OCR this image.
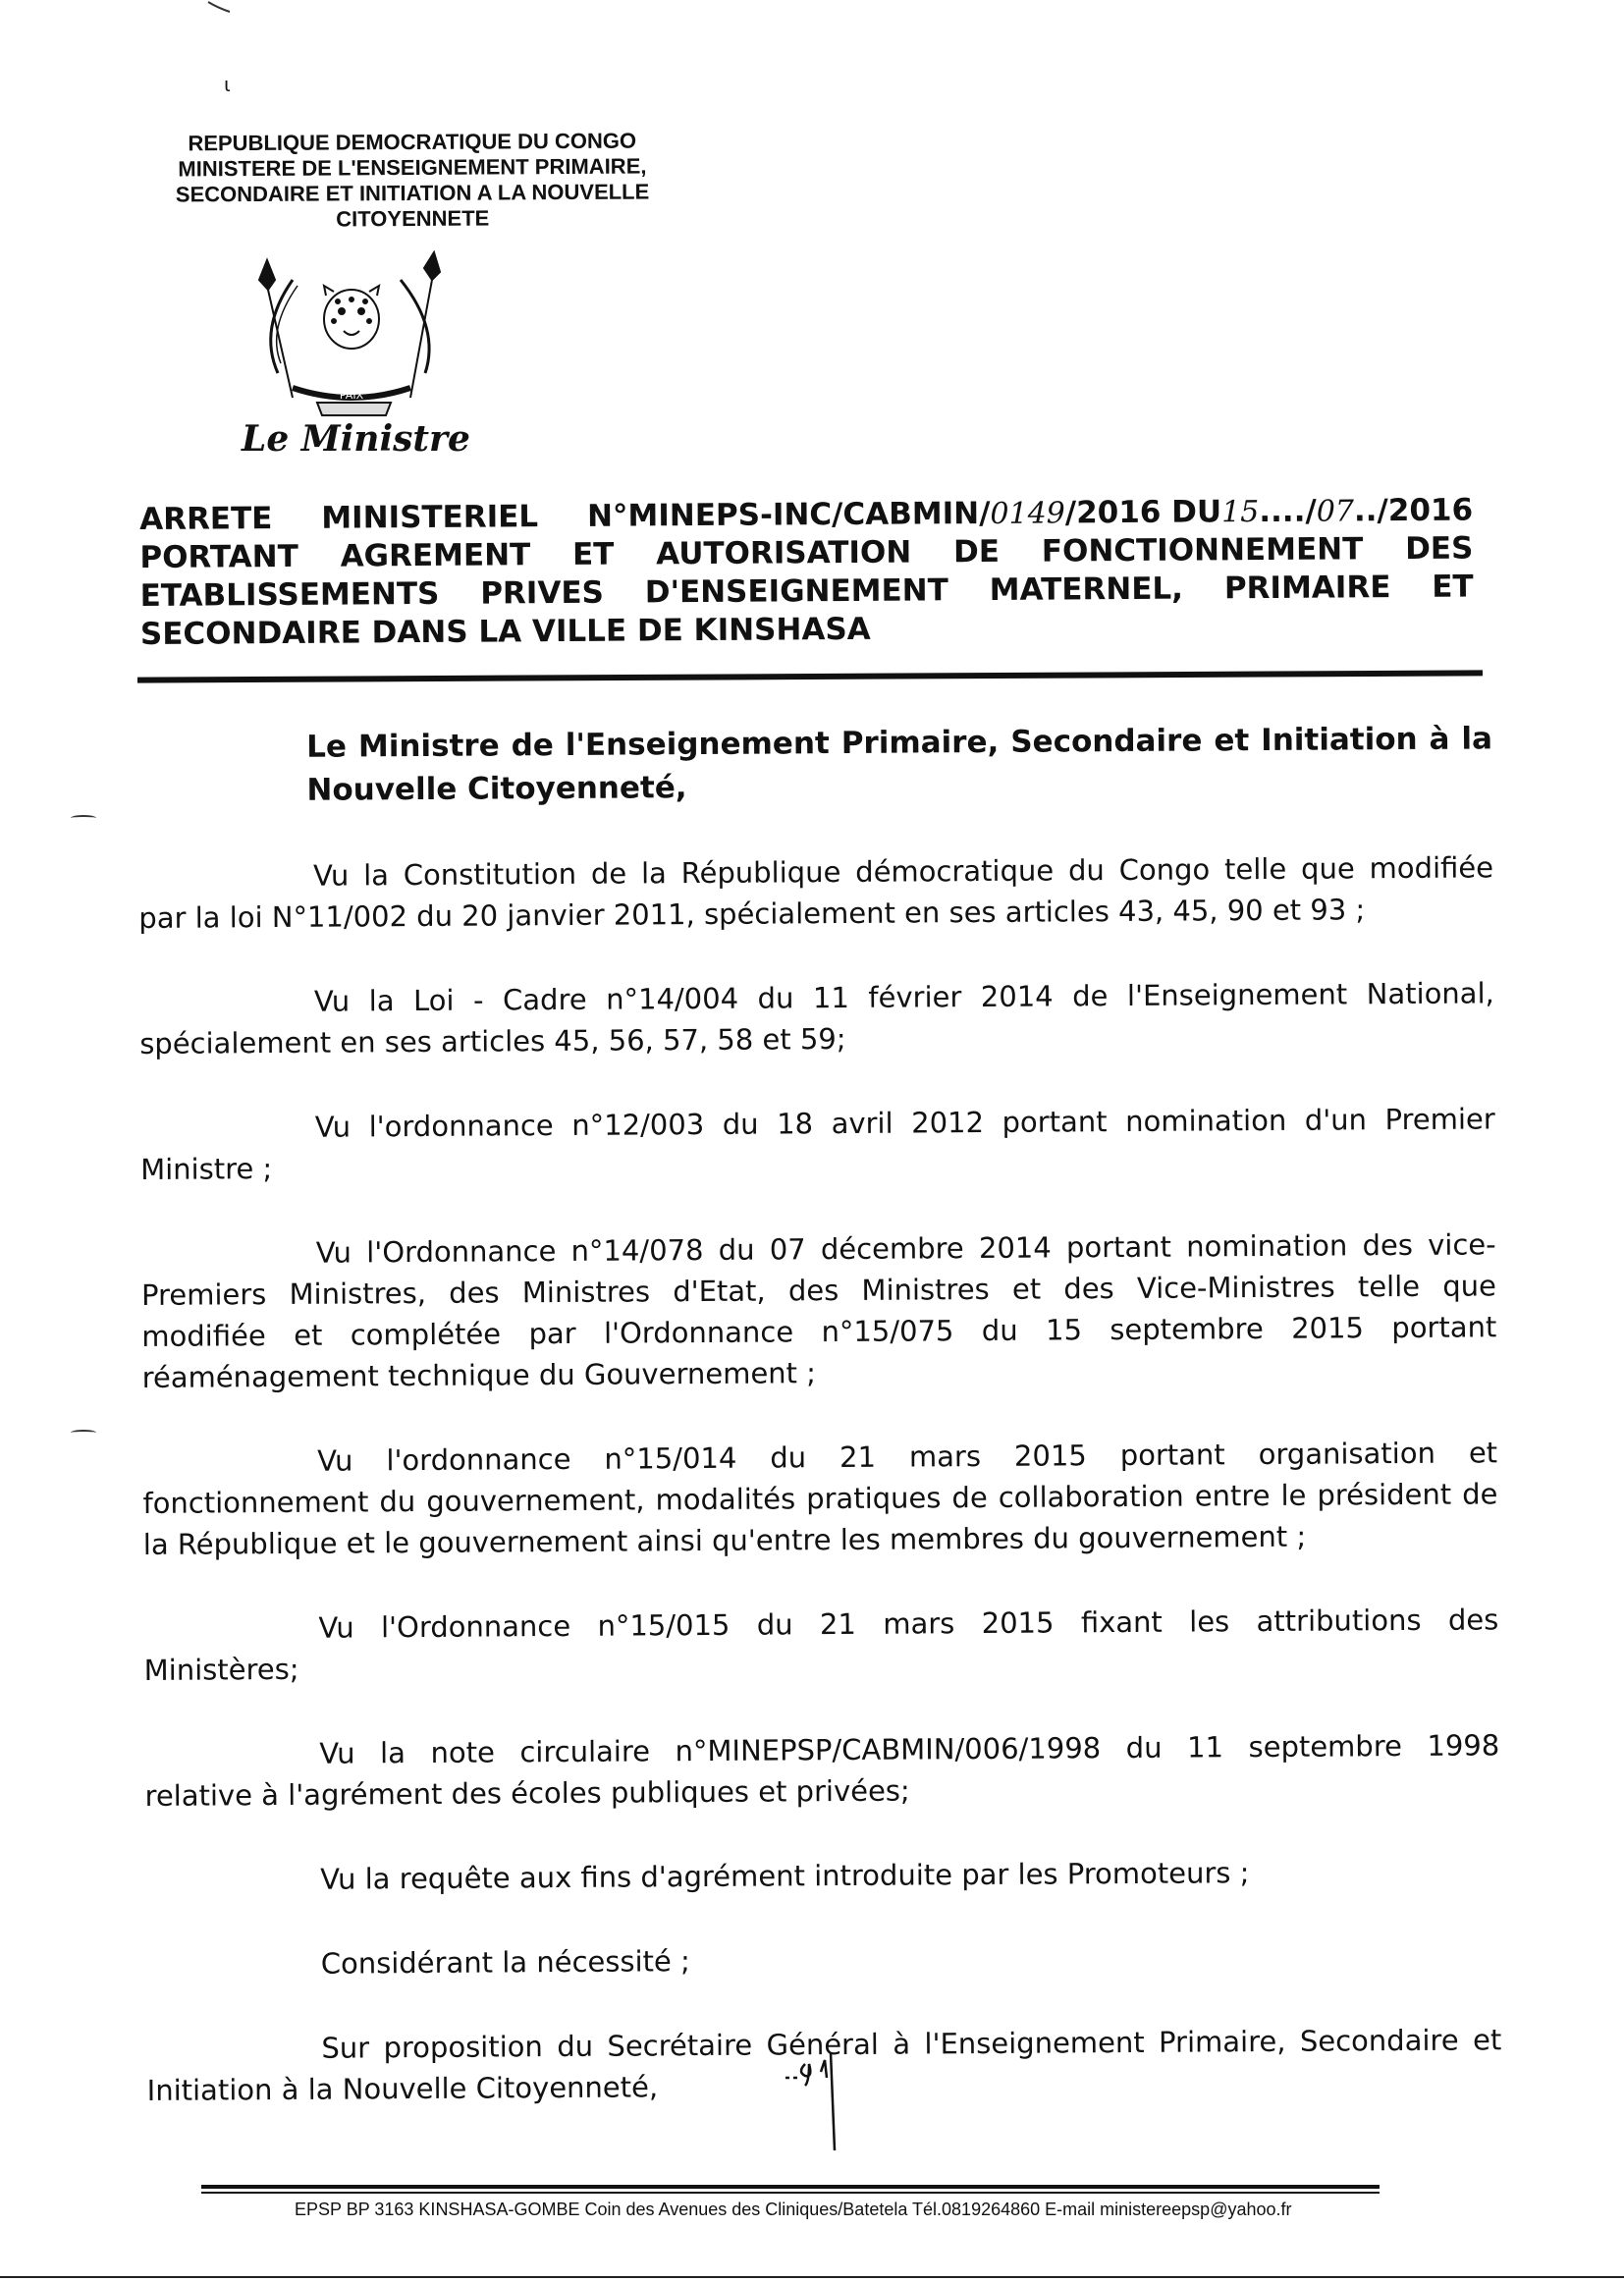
ɩ
REPUBLIQUE DEMOCRATIQUE DU CONGO
MINISTERE DE L'ENSEIGNEMENT PRIMAIRE,
SECONDAIRE ET INITIATION A LA NOUVELLE
CITOYENNETE
PAIX
Le Ministre
ARRETE MINISTERIEL N°MINEPS-INC/CABMIN/0149/2016 DU15..../07../2016
PORTANT AGREMENT ET AUTORISATION DE FONCTIONNEMENT DES
ETABLISSEMENTS PRIVES D'ENSEIGNEMENT MATERNEL, PRIMAIRE ET
SECONDAIRE DANS LA VILLE DE KINSHASA
Le Ministre de l'Enseignement Primaire, Secondaire et Initiation à la
Nouvelle Citoyenneté,
Vu la Constitution de la République démocratique du Congo telle que modifiée
par la loi N°11/002 du 20 janvier 2011, spécialement en ses articles 43, 45, 90 et 93 ;
Vu la Loi - Cadre n°14/004 du 11 février 2014 de l'Enseignement National,
spécialement en ses articles 45, 56, 57, 58 et 59;
Vu l'ordonnance n°12/003 du 18 avril 2012 portant nomination d'un Premier
Ministre ;
Vu l'Ordonnance n°14/078 du 07 décembre 2014 portant nomination des vice-
Premiers Ministres, des Ministres d'Etat, des Ministres et des Vice-Ministres telle que
modifiée et complétée par l'Ordonnance n°15/075 du 15 septembre 2015 portant
réaménagement technique du Gouvernement ;
Vu l'ordonnance n°15/014 du 21 mars 2015 portant organisation et
fonctionnement du gouvernement, modalités pratiques de collaboration entre le président de
la République et le gouvernement ainsi qu'entre les membres du gouvernement ;
Vu l'Ordonnance n°15/015 du 21 mars 2015 fixant les attributions des
Ministères;
Vu la note circulaire n°MINEPSP/CABMIN/006/1998 du 11 septembre 1998
relative à l'agrément des écoles publiques et privées;
Vu la requête aux fins d'agrément introduite par les Promoteurs ;
Considérant la nécessité ;
Sur proposition du Secrétaire Général à l'Enseignement Primaire, Secondaire et
Initiation à la Nouvelle Citoyenneté,
EPSP BP 3163 KINSHASA-GOMBE Coin des Avenues des Cliniques/Batetela Tél.0819264860 E-mail ministereepsp@yahoo.fr
